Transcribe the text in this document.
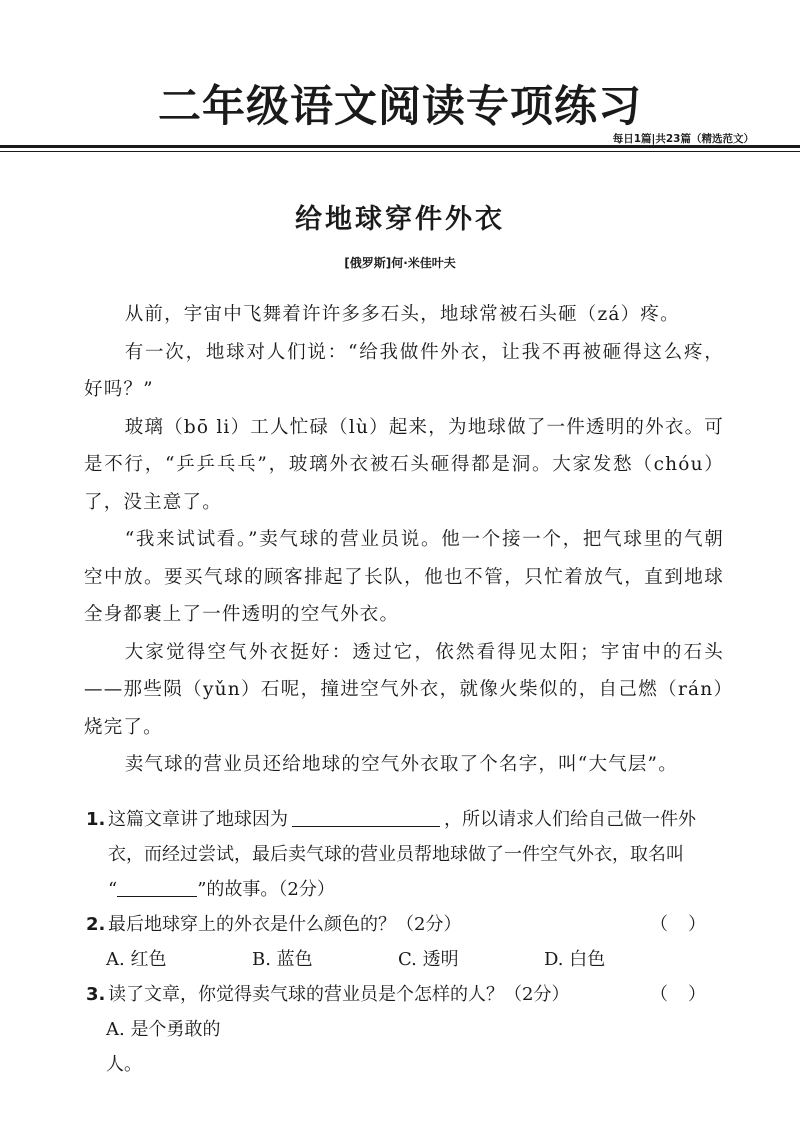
二年级语文阅读专项练习
每日1篇|共23篇（精选范文）
给地球穿件外衣
[俄罗斯]何·米佳叶夫

从前，宇宙中飞舞着许许多多石头，地球常被石头砸（zá）疼。

有一次，地球对人们说：“给我做件外衣，让我不再被砸得这么疼，好吗？”

玻璃（bō li）工人忙碌（lù）起来，为地球做了一件透明的外衣。可是不行，“乒乒乓乓”，玻璃外衣被石头砸得都是洞。大家发愁（chóu）了，没主意了。

“我来试试看。”卖气球的营业员说。他一个接一个，把气球里的气朝空中放。要买气球的顾客排起了长队，他也不管，只忙着放气，直到地球全身都裹上了一件透明的空气外衣。

大家觉得空气外衣挺好：透过它，依然看得见太阳；宇宙中的石头——那些陨（yǔn）石呢，撞进空气外衣，就像火柴似的，自己燃（rán）烧完了。

卖气球的营业员还给地球的空气外衣取了个名字，叫“大气层”。

1. 这篇文章讲了地球因为	，所以请求人们给自己做一件外衣，而经过尝试，最后卖气球的营业员帮地球做了一件空气外衣，取名叫
“	”的故事。（2分）
2. 最后地球穿上的外衣是什么颜色的？（2分）	（）
A. 红色	B. 蓝色	C. 透明	D. 白色
3. 读了文章，你觉得卖气球的营业员是个怎样的人？（2分）	（）
A. 是个勇敢的人。
